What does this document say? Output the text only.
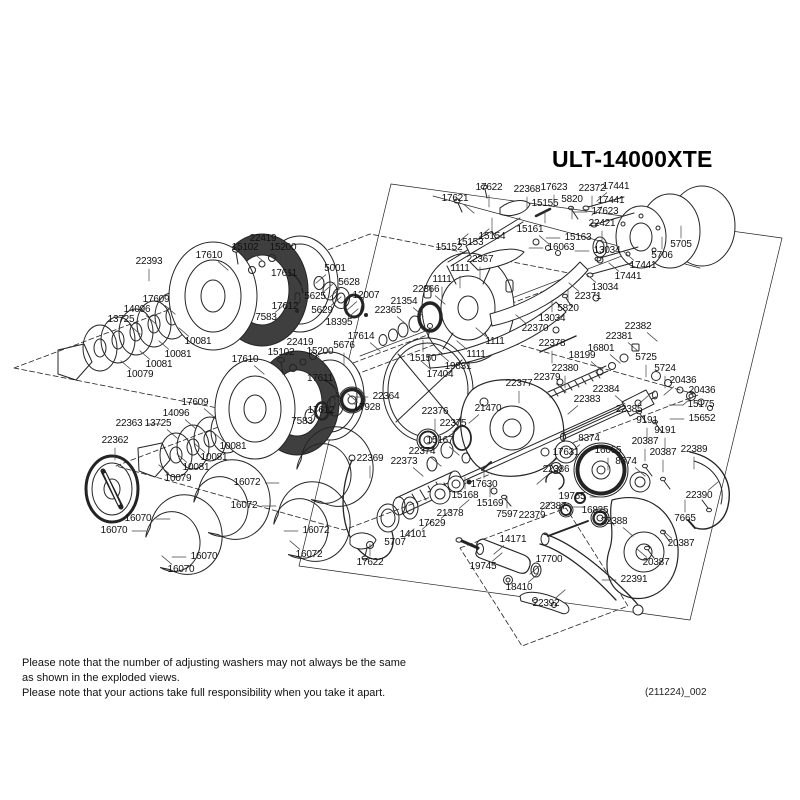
17622 22368
17621	15155
17623 22372
17441
5820 17441
17623
22421
15161
15163
16063
15154
15153
15152	13034
5705
5706
17441
17441
13034
22371
5820
13034
22370
22367
1111
1111
22366
21354
1111
1111
5001
5628
5625
5629
12007
18395
22365
17614
5676
22364
17928
15150
19831
17404
22377
22378
18199
16801
22381
22382
22380
22379
22383
22384
22385
5725
5724
20436
20436
15175
15652
9191
9191
20387
20387
8374
8374
17631 16065
22386
19765
22387 16825
22388
22389
22390
7665
20387
20387
22391
17630
15168
15169
7597
22376	21470
22375
15167
22374
22373
21378
17629
14101
5707
22369
17622
22379
14171
19745
17700
18410
22392
22393
17610
15102
22419
15200
17611
17612
7583
17609
14096
13725
10081
10081
10081
10079
22363 13725
14096
17609
17610
15102
22419
15200
17611
17612
7583
22362
10081
10081
10081
10079
16070
16070
16070
16070
16072
16072
16072
16072
ULT-14000XTE
Please note that the number of adjusting washers may not always be the same
as shown in the exploded views.
Please note that your actions take full responsibility when you take it apart.	(211224)_002
